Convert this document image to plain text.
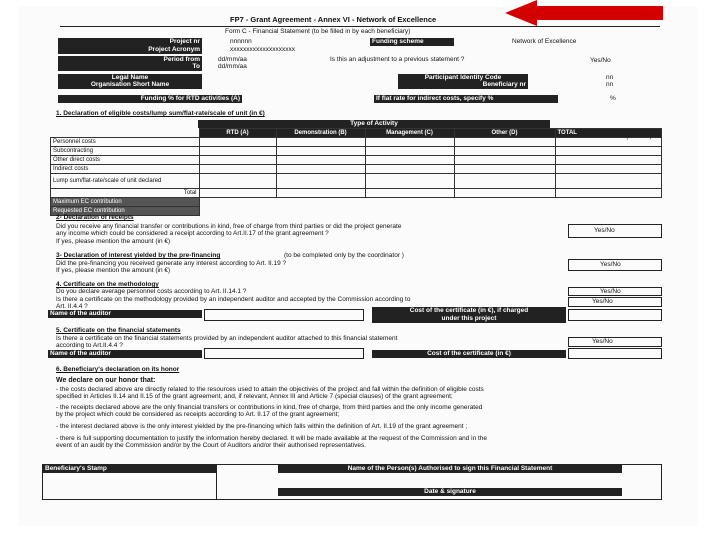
FP7 - Grant Agreement - Annex VI - Network of Excellence
Form C - Financial Statement (to be filled in by each beneficiary)
Project nr	nnnnnn	Funding scheme	Network of Excellence
Project Acronym	xxxxxxxxxxxxxxxxxxxx
Period from	dd/mm/aa	Is this an adjustment to a previous statement ?	Yes/No
To	dd/mm/aa
Legal Name	Participant Identity Code	nn
Organisation Short Name	Beneficiary nr	nn
Funding % for RTD activities (A)	If flat rate for indirect costs, specify %	%
1. Declaration of eligible costs/lump sum/flat-rate/scale of unit (in €)
Type of Activity
	RTD (A)	Demonstration (B)	Management (C)	Other (D)	TOTAL
Personnel costs					
Subcontracting					
Other direct costs					
Indirect costs					
Lump sum/flat-rate/scale of unit declared					
Total					
Maximum EC contribution					
Requested EC contribution					
2- Declaration of receipts
Did you receive any financial transfer or contributions in kind, free of charge from third parties or did the project generate
any income which could be considered a receipt according to Art.II.17 of the grant agreement ?
If yes, please mention the amount (in €)
Yes/No
3- Declaration of interest yielded by the pre-financing	(to be completed only by the coordinator )
Did the pre-financing you received generate any interest according to Art. II.19 ?
If yes, please mention the amount (in €)
Yes/No
4. Certificate on the methodology
Do you declare average personnel costs according to Art. II.14.1 ?	Yes/No
Is there a certificate on the methodology provided by an independent auditor and accepted by the Commission according to
Art. II.4.4 ?
Yes/No
Name of the auditor	Cost of the certificate (in €), if charged
under this project
5. Certificate on the financial statements
Is there a certificate on the financial statements provided by an independent auditor attached to this financial statement
according to Art.II.4.4 ?
Yes/No
Name of the auditor	Cost of the certificate (in €)
6. Beneficiary's declaration on its honor
We declare on our honor that:
- the costs declared above are directly related to the resources used to attain the objectives of the project and fall within the definition of eligible costs
specified in Articles II.14 and II.15 of the grant agreement, and, if relevant, Annex III and Article 7 (special clauses) of the grant agreement;
- the receipts declared above are the only financial transfers or contributions in kind, free of charge, from third parties and the only income generated
by the project which could be considered as receipts according to Art. II.17 of the grant agreement;
- the interest declared above is the only interest yielded by the pre-financing which falls within the definition of Art. II.19 of the grant agreement ;
- there is full supporting documentation to justify the information hereby declared. It will be made available at the request of the Commission and in the
event of an audit by the Commission and/or by the Court of Auditors and/or their authorised representatives.
Beneficiary's Stamp	Name of the Person(s) Authorised to sign this Financial Statement
Date & signature
